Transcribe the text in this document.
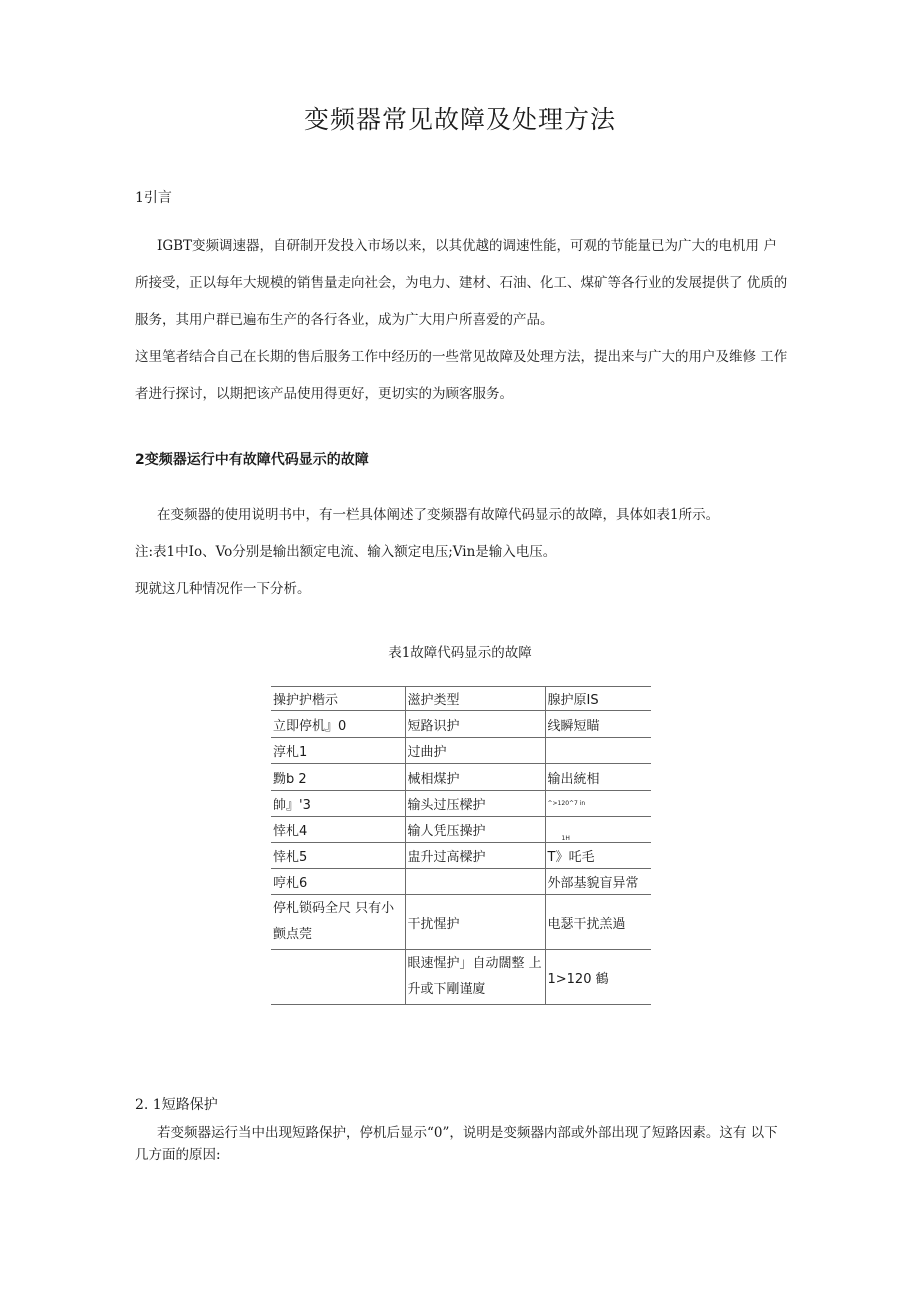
变频器常见故障及处理方法
1引言

IGBT变频调速器，自研制开发投入市场以来，以其优越的调速性能，可观的节能量已为广大的电机用 户所接受，正以每年大规模的销售量走向社会，为电力、建材、石油、化工、煤矿等各行业的发展提供了 优质的服务，其用户群已遍布生产的各行各业，成为广大用户所喜爱的产品。

这里笔者结合自己在长期的售后服务工作中经历的一些常见故障及处理方法，提出来与广大的用户及维修 工作者进行探讨，以期把该产品使用得更好，更切实的为顾客服务。

2变频器运行中有故障代码显示的故障

在变频器的使用说明书中，有一栏具体阐述了变频器有故障代码显示的故障，具体如表1所示。

注:表1中Io、Vo分别是输出额定电流、输入额定电压;Vin是输入电压。

现就这几种情况作一下分析。

表1故障代码显示的故障
操护护楷示	滋护类型	腺护原IS
立即停机』0	短路识护	线瞬短瞄
淳札1	过曲护	
黝b 2	械相煤护	输出統相
帥』'3	输头过压樑护	^>120^7 in
悻札4	输人凭压操护	1H
悻札5	盅升过高樑护	T》吒毛
哼札6		外部基貌盲异常
停札锁码全尺 只有小 颤点莞	干扰惺护	电瑟干扰羔過
	眼速惺护」自动闊整 上升或下剛谨廈	1>120 鶴
2. 1短路保护

若变频器运行当中出现短路保护，停机后显示“0”，说明是变频器内部或外部出现了短路因素。这有 以下几方面的原因:
